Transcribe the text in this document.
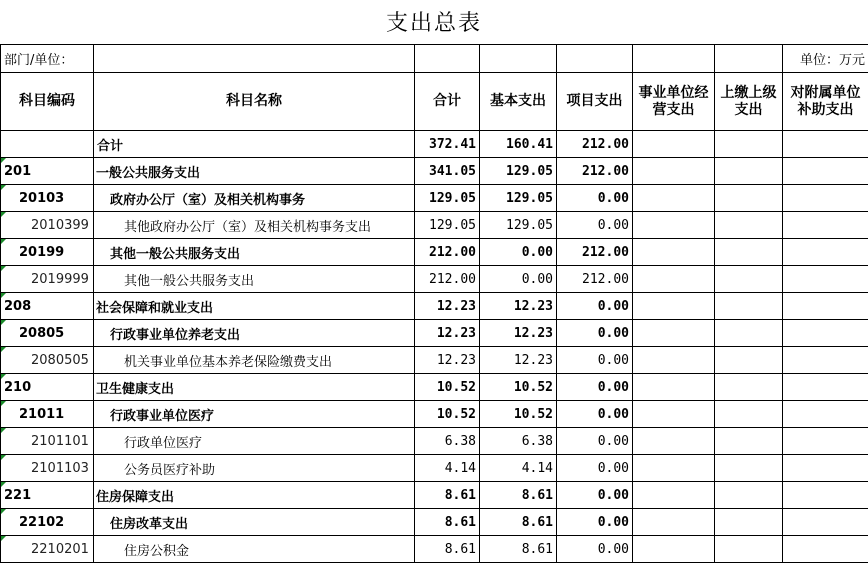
支出总表
部门/单位：							单位：万元
科目编码	科目名称	合计	基本支出	项目支出	事业单位经营支出	上缴上级支出	对附属单位补助支出
	合计	372.41	160.41	212.00			
201	一般公共服务支出	341.05	129.05	212.00			
20103	政府办公厅（室）及相关机构事务	129.05	129.05	0.00			
2010399	其他政府办公厅（室）及相关机构事务支出	129.05	129.05	0.00			
20199	其他一般公共服务支出	212.00	0.00	212.00			
2019999	其他一般公共服务支出	212.00	0.00	212.00			
208	社会保障和就业支出	12.23	12.23	0.00			
20805	行政事业单位养老支出	12.23	12.23	0.00			
2080505	机关事业单位基本养老保险缴费支出	12.23	12.23	0.00			
210	卫生健康支出	10.52	10.52	0.00			
21011	行政事业单位医疗	10.52	10.52	0.00			
2101101	行政单位医疗	6.38	6.38	0.00			
2101103	公务员医疗补助	4.14	4.14	0.00			
221	住房保障支出	8.61	8.61	0.00			
22102	住房改革支出	8.61	8.61	0.00			
2210201	住房公积金	8.61	8.61	0.00			
